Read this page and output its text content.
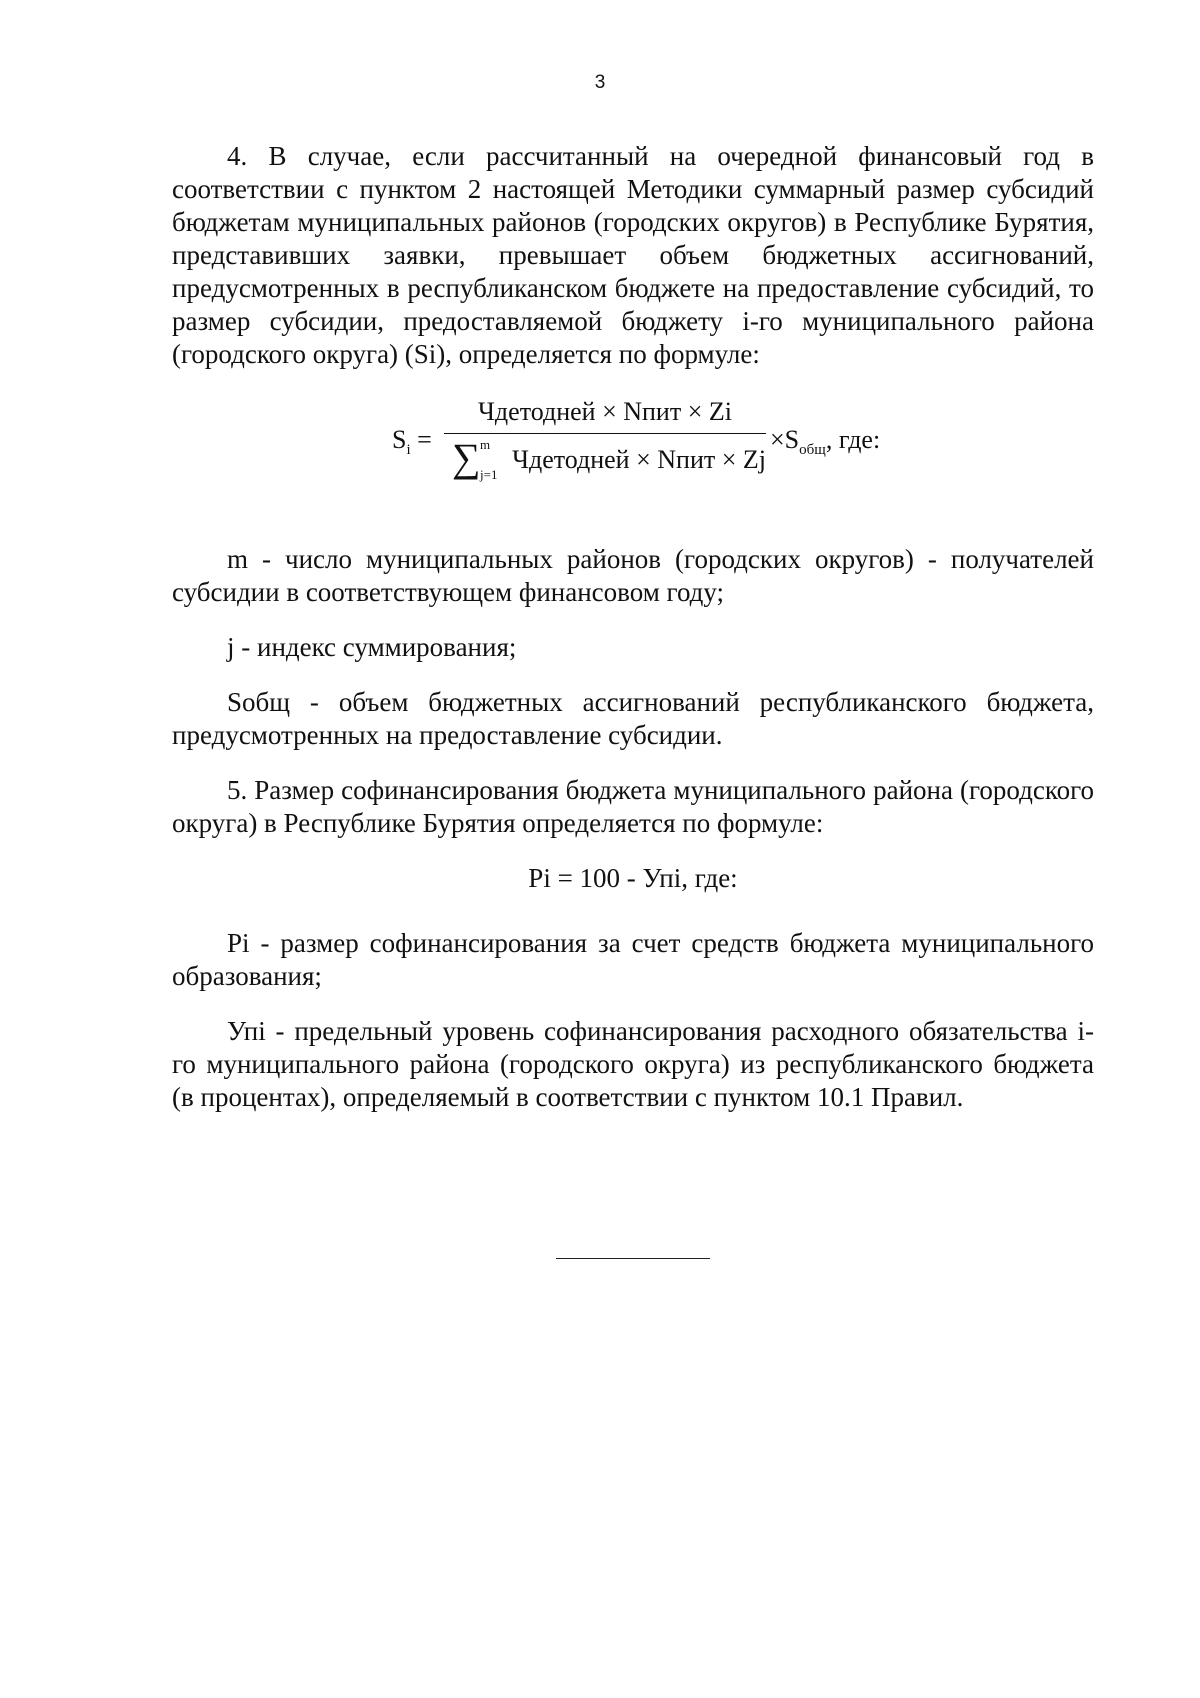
3

4. В случае, если рассчитанный на очередной финансовый год в соответствии с пунктом 2 настоящей Методики суммарный размер субсидий бюджетам муниципальных районов (городских округов) в Республике Бурятия, представивших заявки, превышает объем бюджетных ассигнований, предусмотренных в республиканском бюджете на предоставление субсидий, то размер субсидии, предоставляемой бюджету i-го муниципального района (городского округа) (Si), определяется по формуле:

$S_i$ =
Чдетодней × Nпит × Zi
∑ m
j=1
Чдетодней × Nпит × Zj
$\times S_{общ}$, где:

m - число муниципальных районов (городских округов) - получателей субсидии в соответствующем финансовом году;

j - индекс суммирования;

Sобщ - объем бюджетных ассигнований республиканского бюджета, предусмотренных на предоставление субсидии.

5. Размер софинансирования бюджета муниципального района (городского округа) в Республике Бурятия определяется по формуле:

Pi = 100 - Упi, где:

Pi - размер софинансирования за счет средств бюджета муниципального образования;

Упi - предельный уровень софинансирования расходного обязательства i-го муниципального района (городского округа) из республиканского бюджета (в процентах), определяемый в соответствии с пунктом 10.1 Правил.
